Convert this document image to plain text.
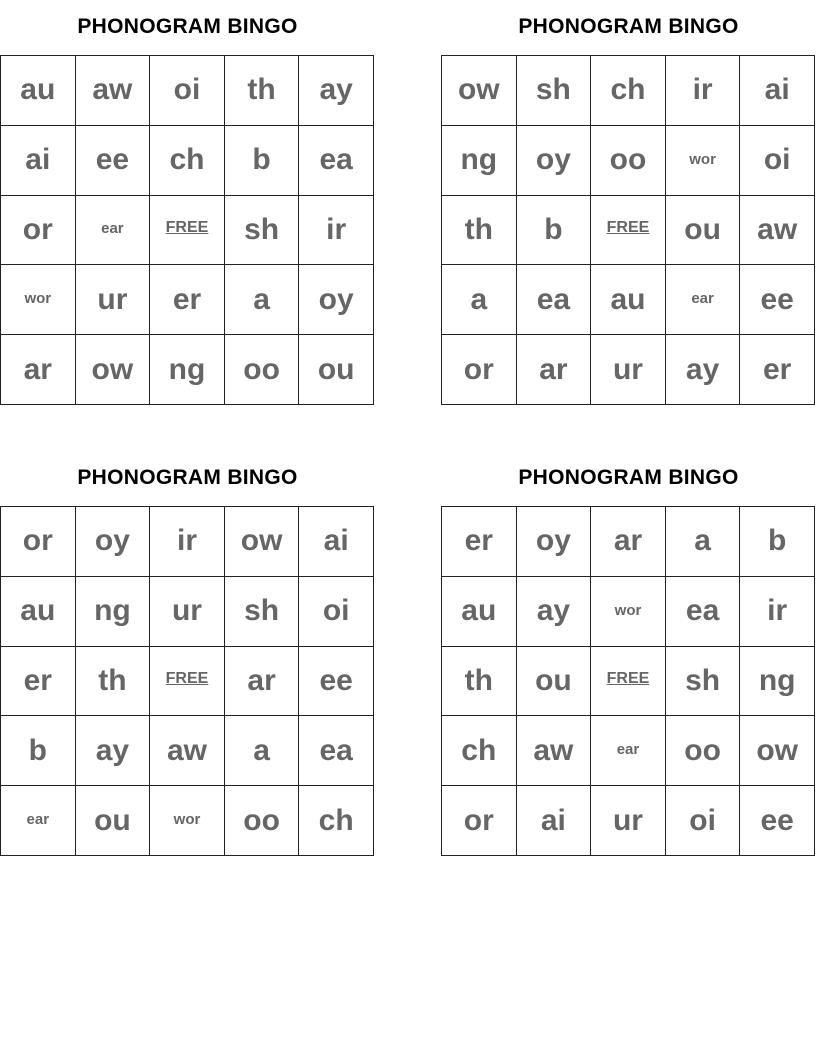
PHONOGRAM BINGO
au	aw	oi	th	ay
ai	ee	ch	b	ea
or	ear	FREE	sh	ir
wor	ur	er	a	oy
ar	ow	ng	oo	ou
PHONOGRAM BINGO
ow	sh	ch	ir	ai
ng	oy	oo	wor	oi
th	b	FREE	ou	aw
a	ea	au	ear	ee
or	ar	ur	ay	er
PHONOGRAM BINGO
or	oy	ir	ow	ai
au	ng	ur	sh	oi
er	th	FREE	ar	ee
b	ay	aw	a	ea
ear	ou	wor	oo	ch
PHONOGRAM BINGO
er	oy	ar	a	b
au	ay	wor	ea	ir
th	ou	FREE	sh	ng
ch	aw	ear	oo	ow
or	ai	ur	oi	ee
